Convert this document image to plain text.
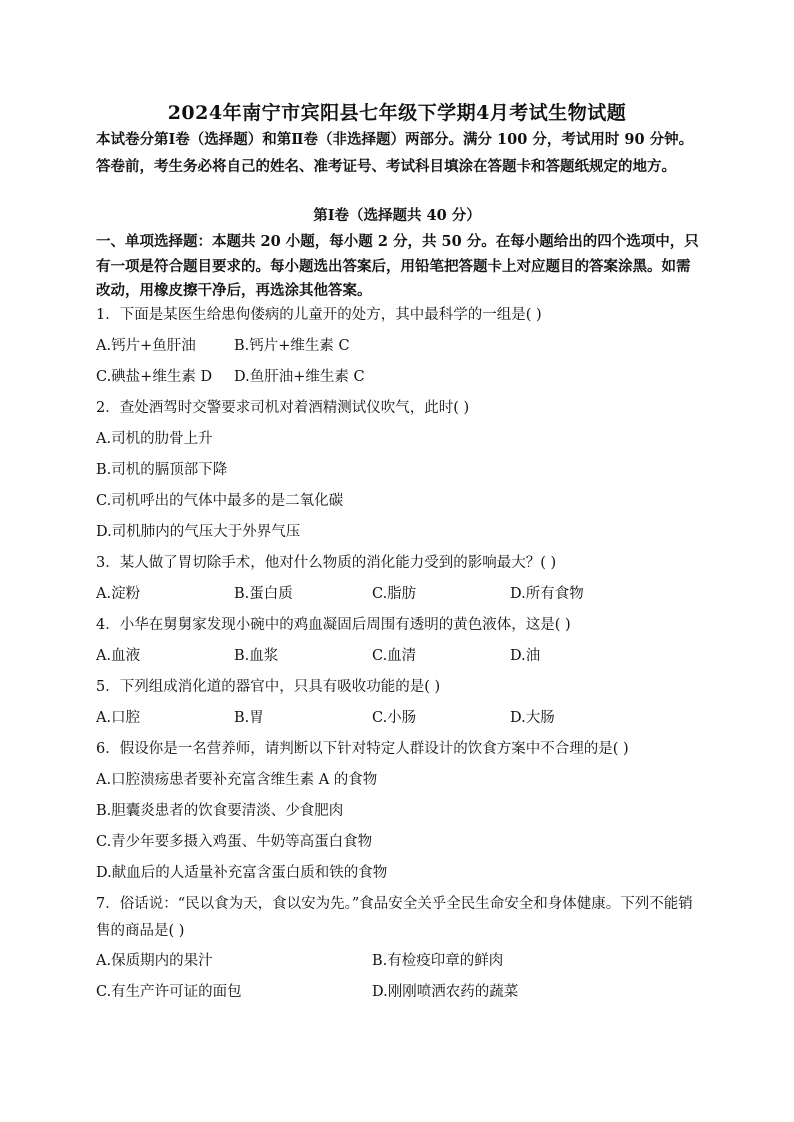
2024年南宁市宾阳县七年级下学期4月考试生物试题
本试卷分第Ⅰ卷（选择题）和第Ⅱ卷（非选择题）两部分。满分 100 分，考试用时 90 分钟。答卷前，考生务必将自己的姓名、准考证号、考试科目填涂在答题卡和答题纸规定的地方。
第Ⅰ卷（选择题共 40 分）
一、单项选择题：本题共 20 小题，每小题 2 分，共 50 分。在每小题给出的四个选项中，只有一项是符合题目要求的。每小题选出答案后，用铅笔把答题卡上对应题目的答案涂黑。如需改动，用橡皮擦干净后，再选涂其他答案。
1．下面是某医生给患佝偻病的儿童开的处方，其中最科学的一组是( )
A.钙片+鱼肝油	B.钙片+维生素 C
C.碘盐+维生素 D	D.鱼肝油+维生素 C
2．查处酒驾时交警要求司机对着酒精测试仪吹气，此时( )
A.司机的肋骨上升
B.司机的膈顶部下降
C.司机呼出的气体中最多的是二氧化碳
D.司机肺内的气压大于外界气压
3．某人做了胃切除手术，他对什么物质的消化能力受到的影响最大？( )
A.淀粉	B.蛋白质	C.脂肪	D.所有食物
4．小华在舅舅家发现小碗中的鸡血凝固后周围有透明的黄色液体，这是( )
A.血液	B.血浆	C.血清	D.油
5．下列组成消化道的器官中，只具有吸收功能的是( )
A.口腔	B.胃	C.小肠	D.大肠
6．假设你是一名营养师，请判断以下针对特定人群设计的饮食方案中不合理的是( )
A.口腔溃疡患者要补充富含维生素 A 的食物
B.胆囊炎患者的饮食要清淡、少食肥肉
C.青少年要多摄入鸡蛋、牛奶等高蛋白食物
D.献血后的人适量补充富含蛋白质和铁的食物
7．俗话说：“民以食为天，食以安为先。”食品安全关乎全民生命安全和身体健康。下列不能销售的商品是( )
A.保质期内的果汁	B.有检疫印章的鲜肉
C.有生产许可证的面包	D.刚刚喷洒农药的蔬菜
